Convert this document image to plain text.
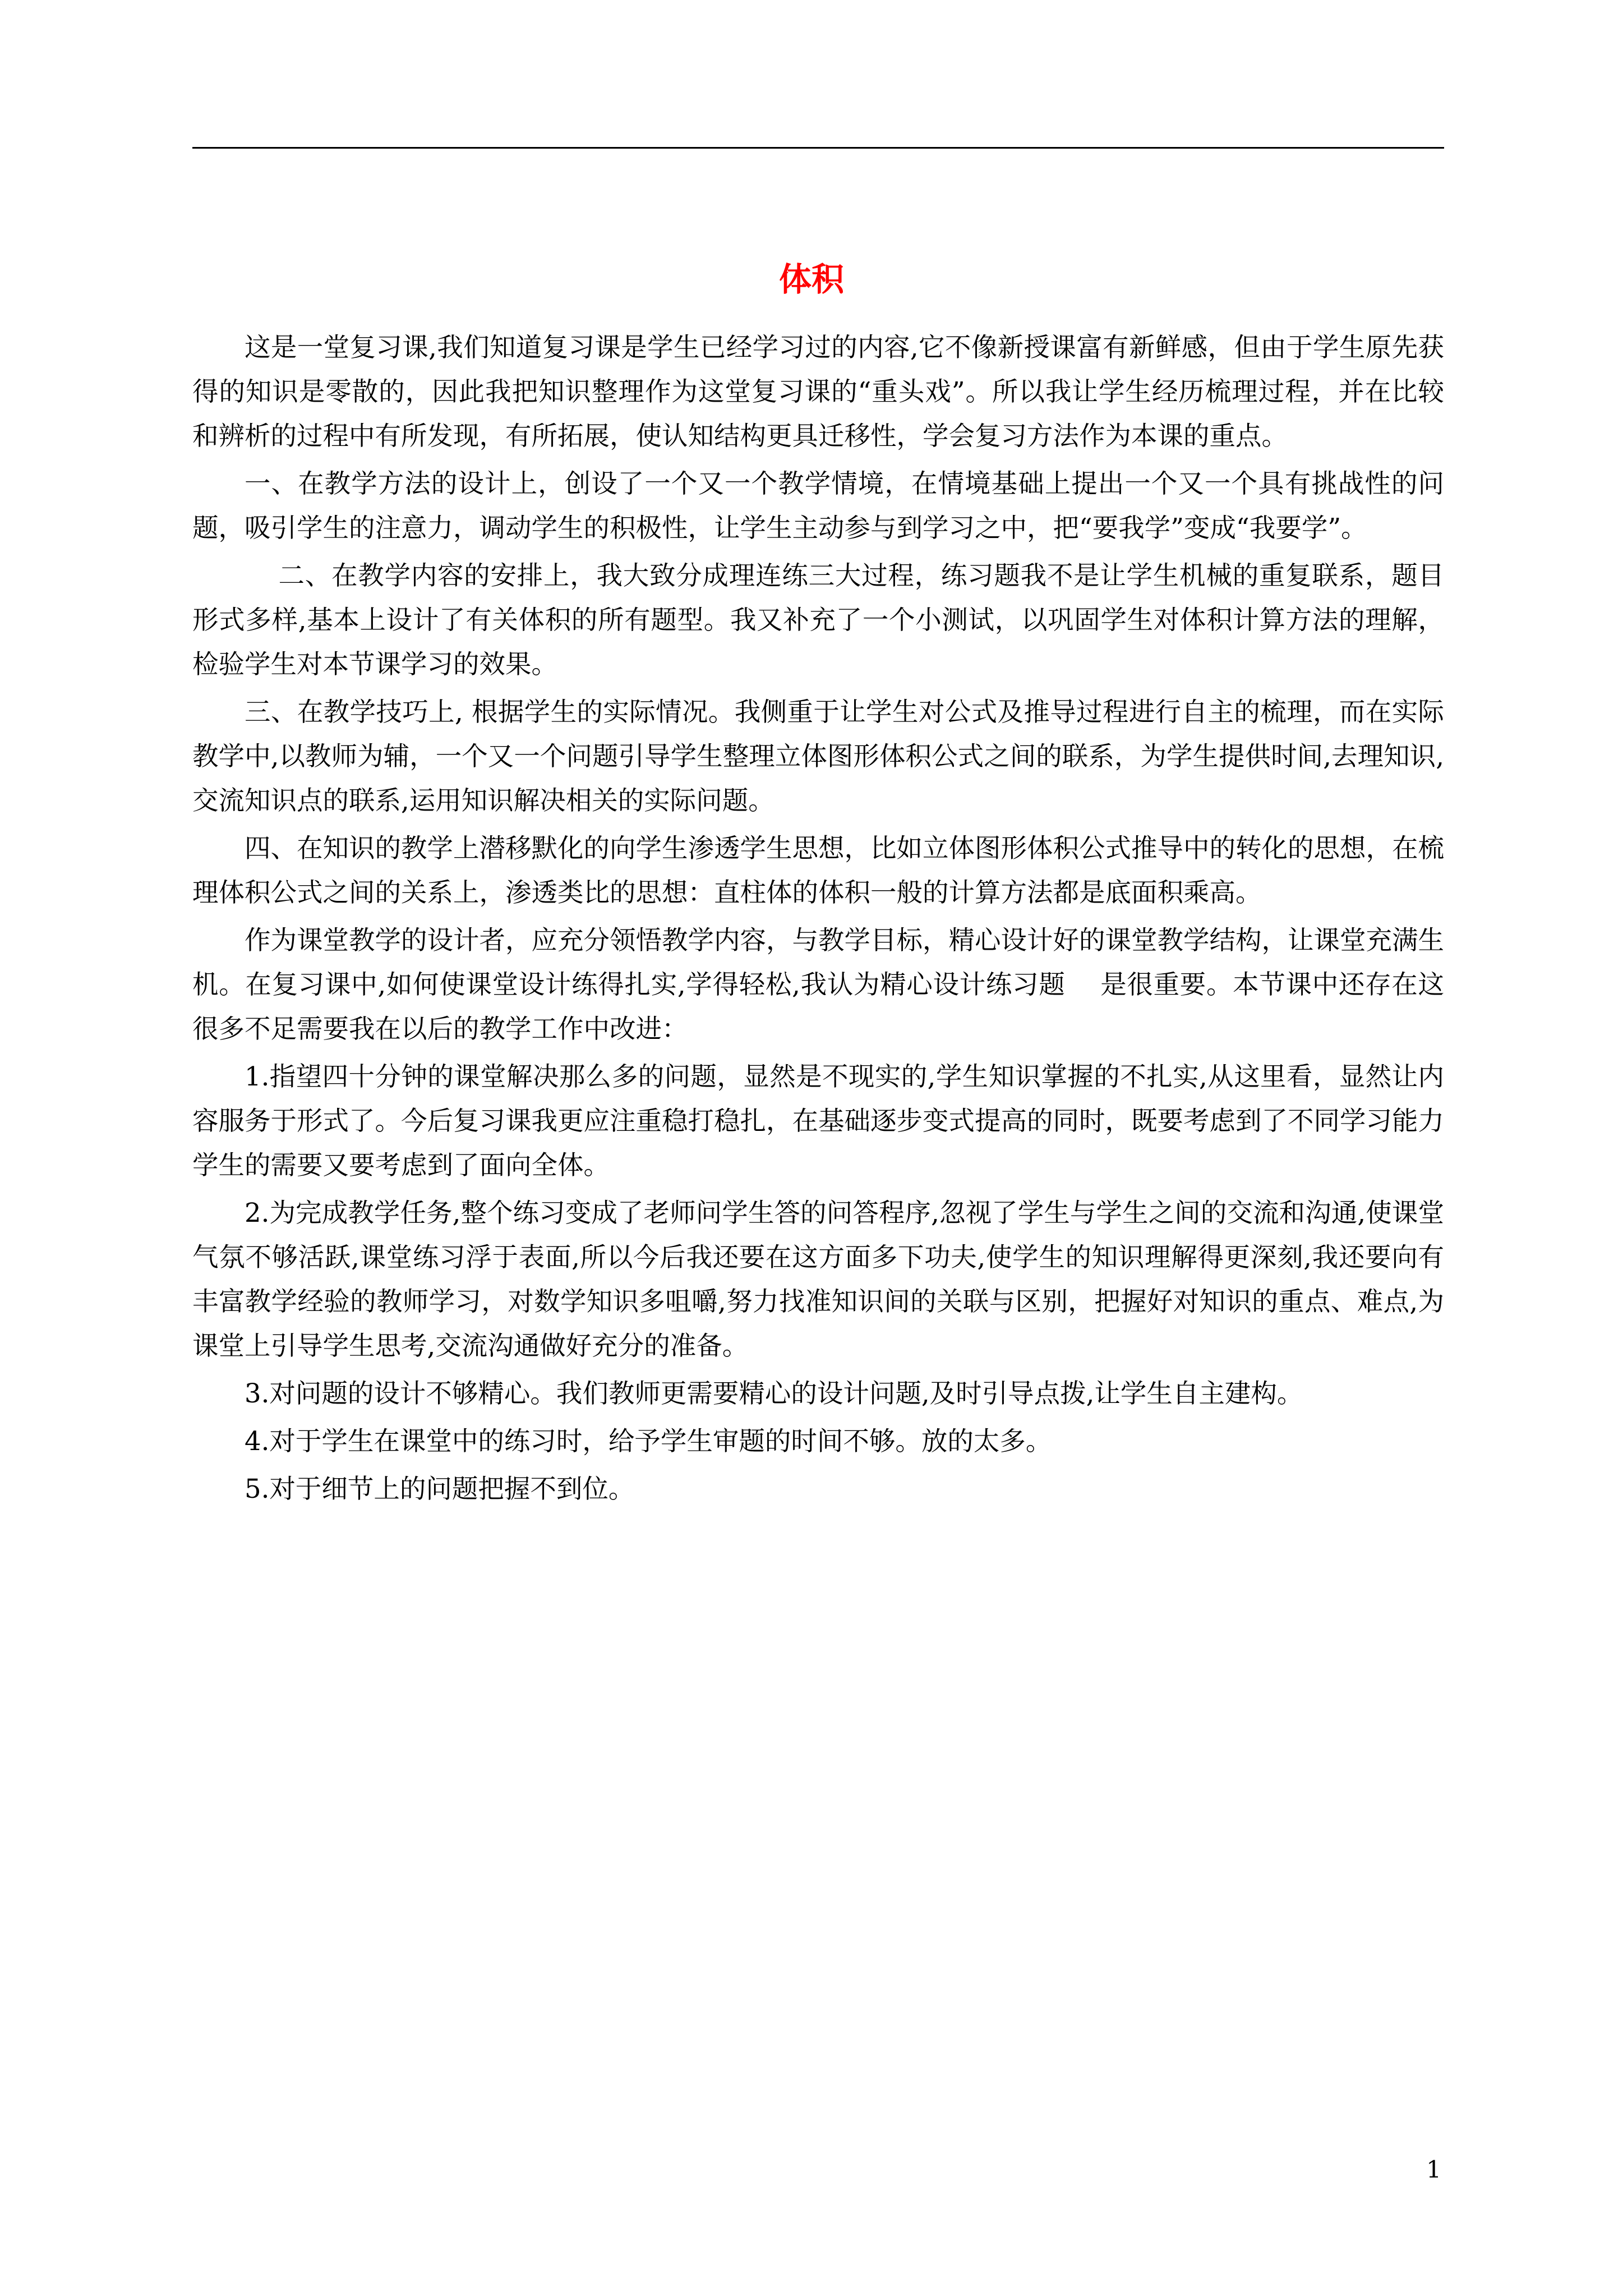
体积

这是一堂复习课,我们知道复习课是学生已经学习过的内容,它不像新授课富有新鲜感，但由于学生原先获得的知识是零散的，因此我把知识整理作为这堂复习课的“重头戏”。所以我让学生经历梳理过程，并在比较和辨析的过程中有所发现，有所拓展，使认知结构更具迁移性，学会复习方法作为本课的重点。

一、在教学方法的设计上，创设了一个又一个教学情境，在情境基础上提出一个又一个具有挑战性的问题，吸引学生的注意力，调动学生的积极性，让学生主动参与到学习之中，把“要我学”变成“我要学”。

二、在教学内容的安排上，我大致分成理连练三大过程，练习题我不是让学生机械的重复联系，题目形式多样,基本上设计了有关体积的所有题型。我又补充了一个小测试，以巩固学生对体积计算方法的理解，检验学生对本节课学习的效果。

三、在教学技巧上, 根据学生的实际情况。我侧重于让学生对公式及推导过程进行自主的梳理，而在实际教学中,以教师为辅，一个又一个问题引导学生整理立体图形体积公式之间的联系，为学生提供时间,去理知识,交流知识点的联系,运用知识解决相关的实际问题。

四、在知识的教学上潜移默化的向学生渗透学生思想，比如立体图形体积公式推导中的转化的思想，在梳理体积公式之间的关系上，渗透类比的思想：直柱体的体积一般的计算方法都是底面积乘高。

作为课堂教学的设计者，应充分领悟教学内容，与教学目标，精心设计好的课堂教学结构，让课堂充满生机。在复习课中,如何使课堂设计练得扎实,学得轻松,我认为精心设计练习题　 是很重要。本节课中还存在这很多不足需要我在以后的教学工作中改进：

1.指望四十分钟的课堂解决那么多的问题，显然是不现实的,学生知识掌握的不扎实,从这里看，显然让内容服务于形式了。今后复习课我更应注重稳打稳扎，在基础逐步变式提高的同时，既要考虑到了不同学习能力学生的需要又要考虑到了面向全体。

2.为完成教学任务,整个练习变成了老师问学生答的问答程序,忽视了学生与学生之间的交流和沟通,使课堂气氛不够活跃,课堂练习浮于表面,所以今后我还要在这方面多下功夫,使学生的知识理解得更深刻,我还要向有丰富教学经验的教师学习，对数学知识多咀嚼,努力找准知识间的关联与区别，把握好对知识的重点、难点,为课堂上引导学生思考,交流沟通做好充分的准备。

3.对问题的设计不够精心。我们教师更需要精心的设计问题,及时引导点拨,让学生自主建构。

4.对于学生在课堂中的练习时，给予学生审题的时间不够。放的太多。

5.对于细节上的问题把握不到位。

1
